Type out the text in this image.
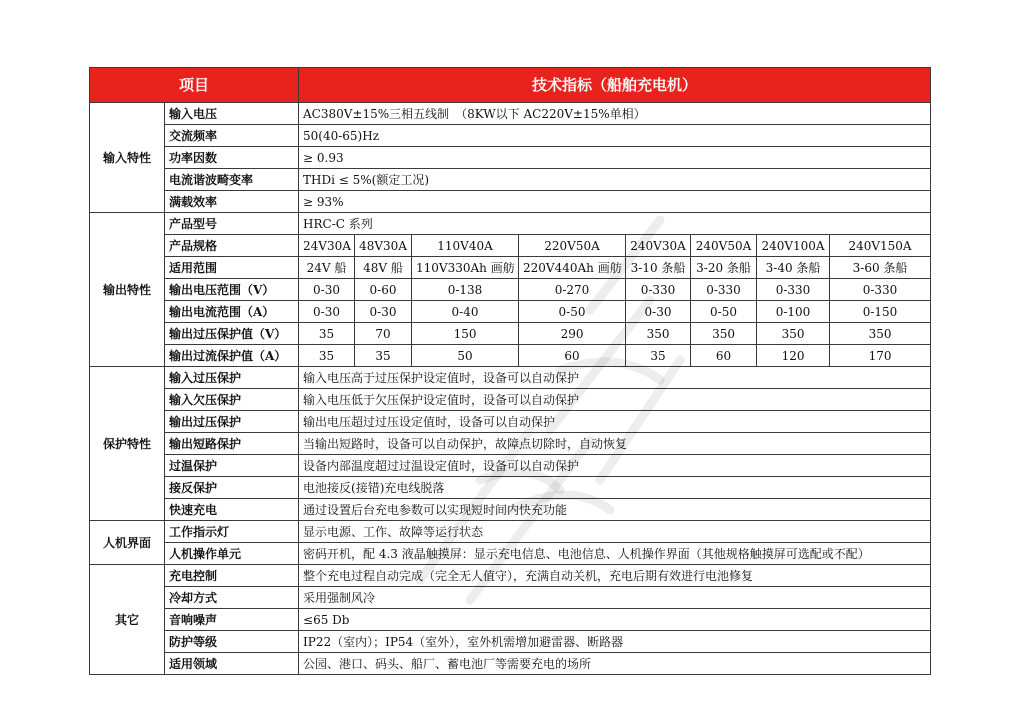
项目		技术指标（船舶充电机）							
输入特性	输入电压	AC380V±15%三相五线制　（8KW以下 AC220V±15%单相）							
	交流频率	50(40-65)Hz							
	功率因数	≥ 0.93							
	电流谐波畸变率	THDi ≤ 5%(额定工况)							
	满载效率	≥ 93%							
输出特性	产品型号	HRC-C 系列							
	产品规格	24V30A	48V30A	110V40A	220V50A	240V30A	240V50A	240V100A	240V150A
	适用范围	24V 船	48V 船	110V330Ah 画舫	220V440Ah 画舫	3-10 条船	3-20 条船	3-40 条船	3-60 条船
	输出电压范围（V）	0-30	0-60	0-138	0-270	0-330	0-330	0-330	0-330
	输出电流范围（A）	0-30	0-30	0-40	0-50	0-30	0-50	0-100	0-150
	输出过压保护值（V）	35	70	150	290	350	350	350	350
	输出过流保护值（A）	35	35	50	60	35	60	120	170
保护特性	输入过压保护	输入电压高于过压保护设定值时，设备可以自动保护							
	输入欠压保护	输入电压低于欠压保护设定值时，设备可以自动保护							
	输出过压保护	输出电压超过过压设定值时，设备可以自动保护							
	输出短路保护	当输出短路时，设备可以自动保护，故障点切除时，自动恢复							
	过温保护	设备内部温度超过过温设定值时，设备可以自动保护							
	接反保护	电池接反(接错)充电线脱落							
	快速充电	通过设置后台充电参数可以实现短时间内快充功能							
人机界面	工作指示灯	显示电源、工作、故障等运行状态							
	人机操作单元	密码开机，配 4.3 液晶触摸屏：显示充电信息、电池信息、人机操作界面（其他规格触摸屏可选配或不配）							
其它	充电控制	整个充电过程自动完成（完全无人值守），充满自动关机，充电后期有效进行电池修复							
	冷却方式	采用强制风冷							
	音响噪声	≤65 Db							
	防护等级	IP22（室内）；IP54（室外），室外机需增加避雷器、断路器							
	适用领域	公园、港口、码头、船厂、蓄电池厂等需要充电的场所							
